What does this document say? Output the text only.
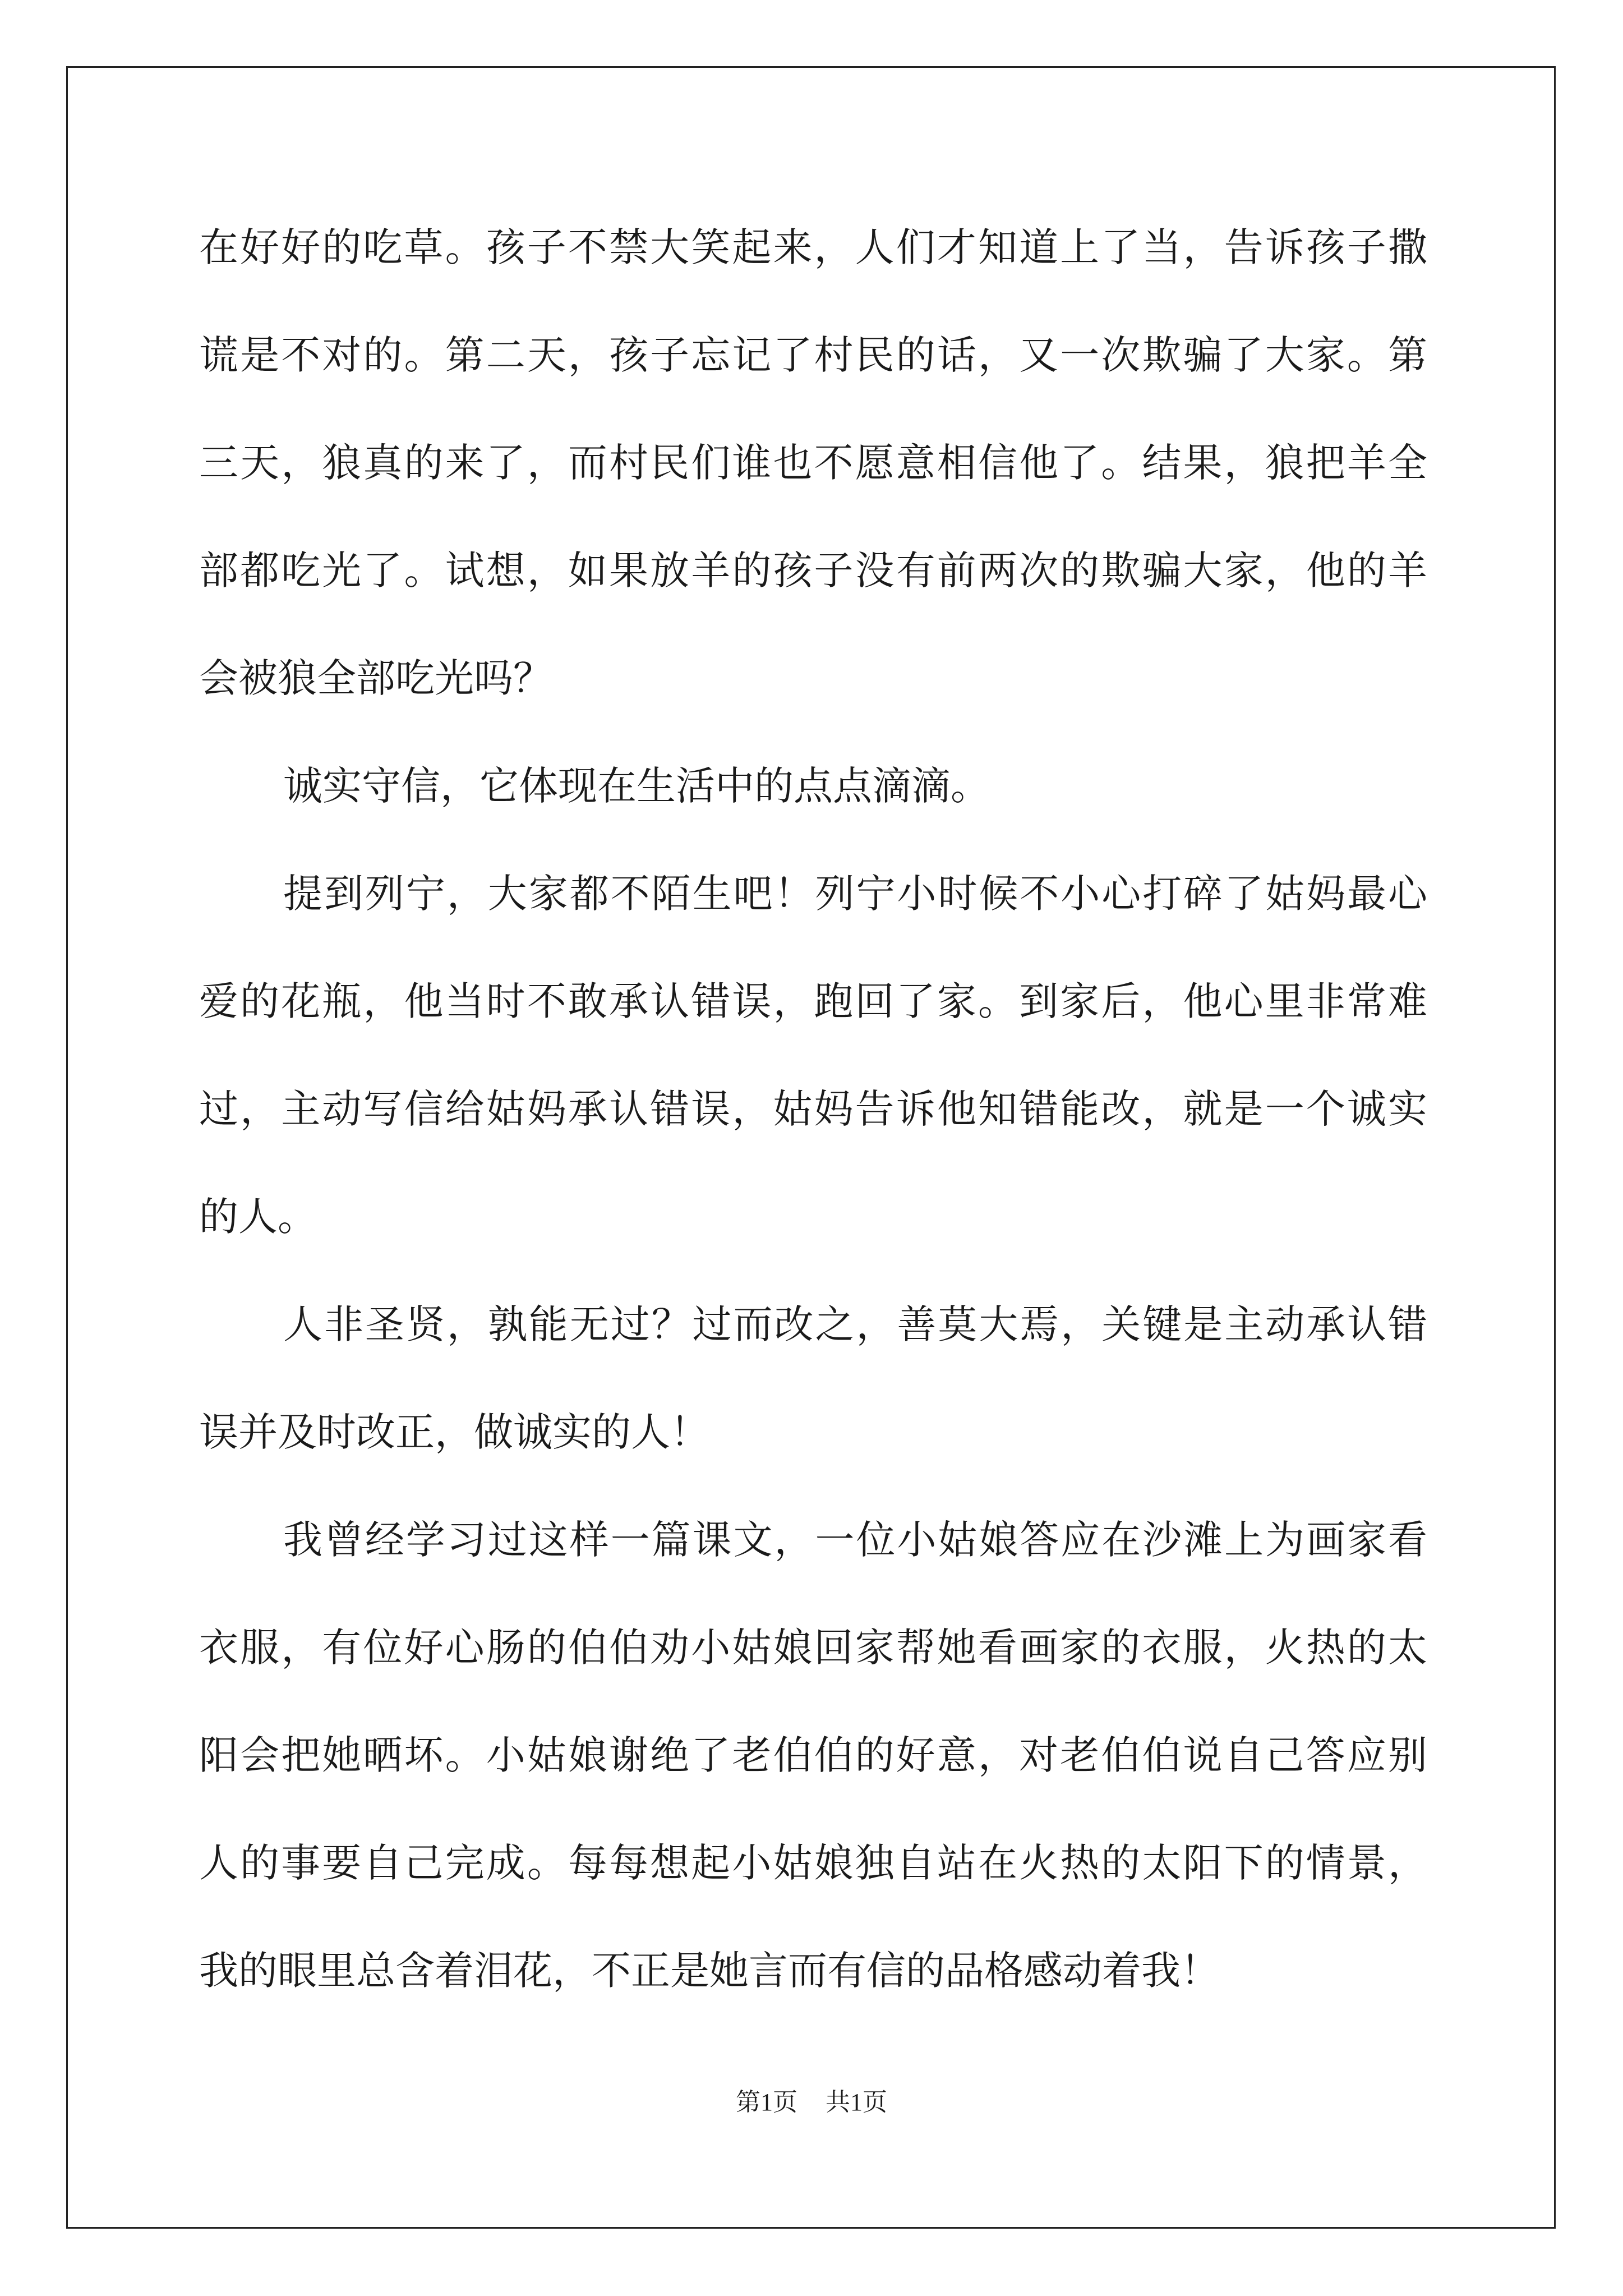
在好好的吃草。孩子不禁大笑起来，人们才知道上了当，告诉孩子撒
谎是不对的。第二天，孩子忘记了村民的话，又一次欺骗了大家。第
三天，狼真的来了，而村民们谁也不愿意相信他了。结果，狼把羊全
部都吃光了。试想，如果放羊的孩子没有前两次的欺骗大家，他的羊
会被狼全部吃光吗？
诚实守信，它体现在生活中的点点滴滴。
提到列宁，大家都不陌生吧！列宁小时候不小心打碎了姑妈最心
爱的花瓶，他当时不敢承认错误，跑回了家。到家后，他心里非常难
过，主动写信给姑妈承认错误，姑妈告诉他知错能改，就是一个诚实
的人。
人非圣贤，孰能无过？过而改之，善莫大焉，关键是主动承认错
误并及时改正，做诚实的人！
我曾经学习过这样一篇课文，一位小姑娘答应在沙滩上为画家看
衣服，有位好心肠的伯伯劝小姑娘回家帮她看画家的衣服，火热的太
阳会把她晒坏。小姑娘谢绝了老伯伯的好意，对老伯伯说自己答应别
人的事要自己完成。每每想起小姑娘独自站在火热的太阳下的情景，
我的眼里总含着泪花，不正是她言而有信的品格感动着我！
第1页 共1页
